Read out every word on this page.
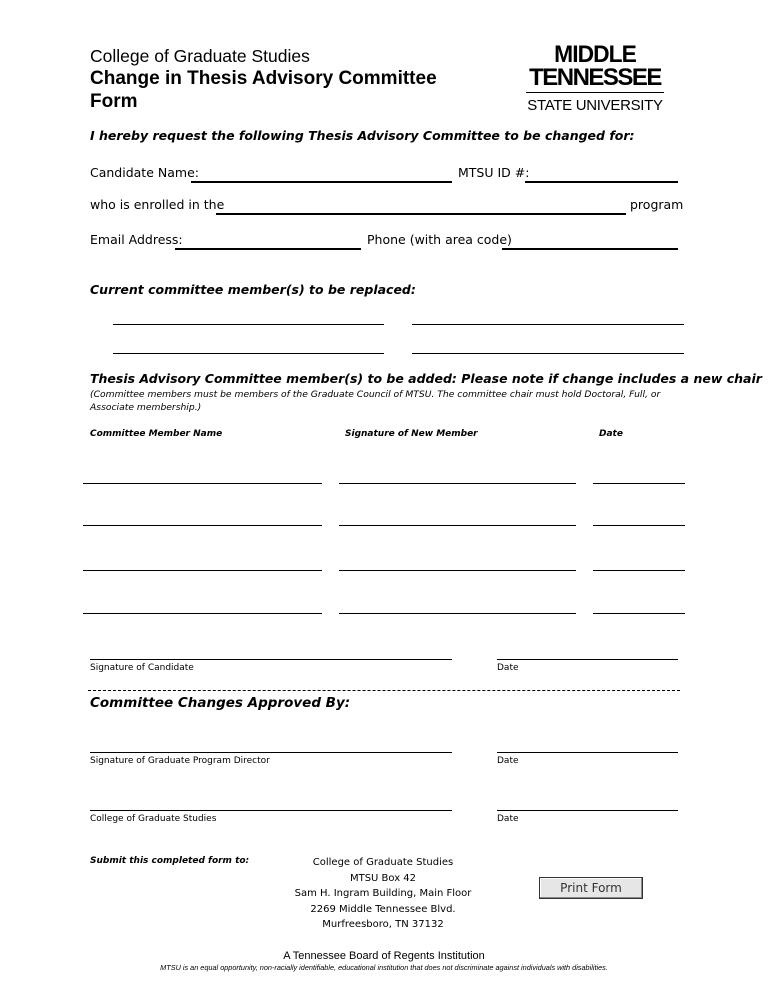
College of Graduate Studies
Change in Thesis Advisory Committee
Form
MIDDLE
TENNESSEE
STATE UNIVERSITY
I hereby request the following Thesis Advisory Committee to be changed for:
Candidate Name:	MTSU ID #:
who is enrolled in the	program
Email Address:	Phone (with area code)
Current committee member(s) to be replaced:
Thesis Advisory Committee member(s) to be added: Please note if change includes a new chair
(Committee members must be members of the Graduate Council of MTSU. The committee chair must hold Doctoral, Full, or Associate membership.)
Committee Member Name	Signature of New Member	Date
Signature of Candidate	Date
Committee Changes Approved By:
Signature of Graduate Program Director	Date
College of Graduate Studies	Date
Submit this completed form to:	College of Graduate Studies
MTSU Box 42
Sam H. Ingram Building, Main Floor
2269 Middle Tennessee Blvd.
Murfreesboro, TN 37132
Print Form
A Tennessee Board of Regents Institution
MTSU is an equal opportunity, non-racially identifiable, educational institution that does not discriminate against individuals with disabilities.
